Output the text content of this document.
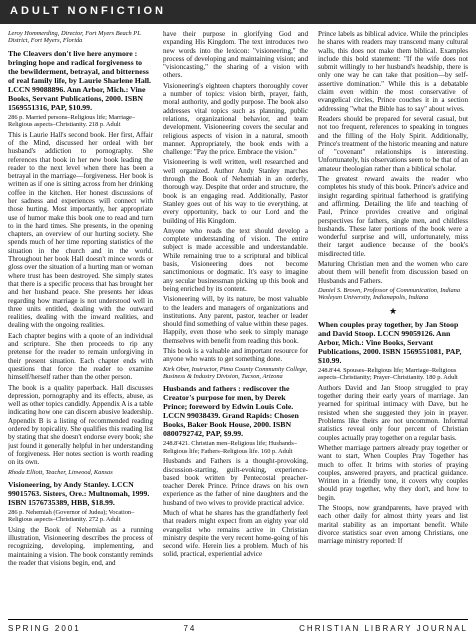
ADULT NONFICTION

Leroy Hommerding, Director, Fort Myers Beach PL District, Fort Myers, Florida

The Cleavers don't live here anymore : bringing hope and radical forgiveness to the bewilderment, betrayal, and bitterness of real family life, by Laurie Sharlene Hall. LCCN 99088896. Ann Arbor, Mich.: Vine Books, Servant Publications, 2000. ISBN 1569551316, PAP, $10.99.

286 p. Married persons–Religious life; Marriage–Religious aspects–Christianity. 218 p. Adult

This is Laurie Hall's second book. Her first, Affair of the Mind, discussed her ordeal with her husband's addiction to pornography. She references that book in her new book leading the reader to the next level when there has been a betrayal in the marriage—forgiveness. Her book is written as if one is sitting across from her drinking coffee in the kitchen. Her honest discussions of her sadness and experiences will connect with those hurting. Most importantly, her appropriate use of humor make this book one to read and turn to in the hard times. She presents, in the opening chapters, an overview of our hurting society. She spends much of her time reporting statistics of the situation in the church and in the world. Throughout her book Hall doesn't mince words or gloss over the situation of a hurting man or woman where trust has been destroyed. She simply states that there is a specific process that has brought her and her husband peace. She presents her ideas regarding how marriage is not understood well in three units entitled, dealing with the outward realities, dealing with the inward realities, and dealing with the ongoing realities.

Each chapter begins with a quote of an individual and scripture. She then proceeds to rip any pretense for the reader to remain unforgiving in their present situation. Each chapter ends with questions that force the reader to examine himself/herself rather than the other person.

The book is a quality paperback. Hall discusses depression, pornography and its effects, abuse, as well as other topics candidly. Appendix A is a table indicating how one can discern abusive leadership. Appendix B is a listing of recommended reading ordered by topicality. She qualifies this reading list by stating that she doesn't endorse every book; she just found it generally helpful in her understanding of forgiveness. Her notes section is worth reading on its own.

Rhoda Elliott, Teacher, Linwood, Kansas

Visioneering, by Andy Stanley. LCCN 99015763. Sisters, Ore.: Multnomah, 1999. ISBN 1576735389, HBB, $18.99.

286 p. Nehemiah (Governor of Judea); Vocation–Religious aspects–Christianity. 272 p. Adult

Using the Book of Nehemiah as a running illustration, Visioneering describes the process of recognizing, developing, implementing, and maintaining a vision. The book constantly reminds the reader that visions begin, end, and

have their purpose in glorifying God and expanding His Kingdom. The text introduces two new words into the lexicon: "visioneering," the process of developing and maintaining vision; and "visioncasting," the sharing of a vision with others.

Visioneering's eighteen chapters thoroughly cover a number of topics: vision birth, prayer, faith, moral authority, and godly purpose. The book also addresses vital topics such as planning, public relations, organizational behavior, and team development. Visioneering covers the secular and religious aspects of vision in a natural, smooth manner. Appropriately, the book ends with a challenge: "Pay the price. Embrace the vision."

Visioneering is well written, well researched and well organized. Author Andy Stanley marches through the Book of Nehemiah in an orderly, thorough way. Despite that order and structure, the book is an engaging read. Additionally, Pastor Stanley goes out of his way to tie everything, at every opportunity, back to our Lord and the building of His Kingdom.

Anyone who reads the text should develop a complete understanding of vision. The entire subject is made accessible and understandable. While remaining true to a scriptural and biblical basis, Visioneering does not become sanctimonious or dogmatic. It's easy to imagine any secular businessman picking up this book and being enriched by its content.

Visioneering will, by its nature, be most valuable to the leaders and managers of organizations and institutions. Any parent, pastor, teacher or leader should find something of value within these pages. Happily, even those who seek to simply manage themselves with benefit from reading this book.

This book is a valuable and important resource for anyone who wants to get something done.

Kirk Ober, Instructor, Pima County Community College, Business & Industry Division, Tucson, Arizona

Husbands and fathers : rediscover the Creator's purpose for men, by Derek Prince; foreword by Edwin Louis Cole. LCCN 99038439. Grand Rapids: Chosen Books, Baker Book House, 2000. ISBN 0800792742, PAP, $9.99.

248.8'421. Christian men–Religious life; Husbands–Religious life; Fathers–Religious life. 160 p. Adult

Husbands and Fathers is a thought-provoking, discussion-starting, guilt-evoking, experience-based book written by Pentecostal preacher-teacher Derek Prince. Prince draws on his own experience as the father of nine daughters and the husband of two wives to provide practical advice.

Much of what he shares has the grandfatherly feel that readers might expect from an eighty year old evangelist who remains active in Christian ministry despite the very recent home-going of his second wife. Herein lies a problem. Much of his solid, practical, experiential advice

Prince labels as biblical advice. While the principles he shares with readers may transcend many cultural walls, this does not make them biblical. Examples include this bold statement: "If the wife does not submit willingly to her husband's headship, there is only one way he can take that position—by self-assertive domination." While this is a debatable claim even within the most conservative of evangelical circles, Prince couches it in a section addressing "what the Bible has to say" about wives.

Readers should be prepared for several casual, but not too frequent, references to speaking in tongues and the filling of the Holy Spirit. Additionally, Prince's treatment of the historic meaning and nature of "covenant" relationships is interesting. Unfortunately, his observations seem to be that of an amateur theologian rather than a biblical scholar.

The greatest reward awaits the reader who completes his study of this book. Prince's advice and insight regarding spiritual fatherhood is gratifying and affirming. Detailing the life and teaching of Paul, Prince provides creative and original perspectives for fathers, single men, and childless husbands. These later portions of the book were a wonderful surprise and will, unfortunately, miss their target audience because of the book's misdirected title.

Maturing Christian men and the women who care about them will benefit from discussion based on Husbands and Fathers.

Daniel S. Brown, Professor of Communication, Indiana Wesleyan University, Indianapolis, Indiana

★

When couples pray together, by Jan Stoop and David Stoop. LCCN 99059126. Ann Arbor, Mich.: Vine Books, Servant Publications, 2000. ISBN 1569551081, PAP, $10.99.

248.8'44. Spouses–Religious life; Marriage–Religious aspects–Christianity; Prayer–Christianity. 180 p. Adult

Authors David and Jan Stoop struggled to pray together during their early years of marriage. Jan yearned for spiritual intimacy with Dave, but he resisted when she suggested they join in prayer. Problems like theirs are not uncommon. Informal statistics reveal only four percent of Christian couples actually pray together on a regular basis.

Whether marriage partners already pray together or want to start, When Couples Pray Together has much to offer. It brims with stories of praying couples, answered prayers, and practical guidance. Written in a friendly tone, it covers why couples should pray together, why they don't, and how to begin.

The Stoops, now grandparents, have prayed with each other daily for almost thirty years and list marital stability as an important benefit. While divorce statistics soar even among Christians, one marriage ministry reported: If

SPRING 2001	74	CHRISTIAN LIBRARY JOURNAL
